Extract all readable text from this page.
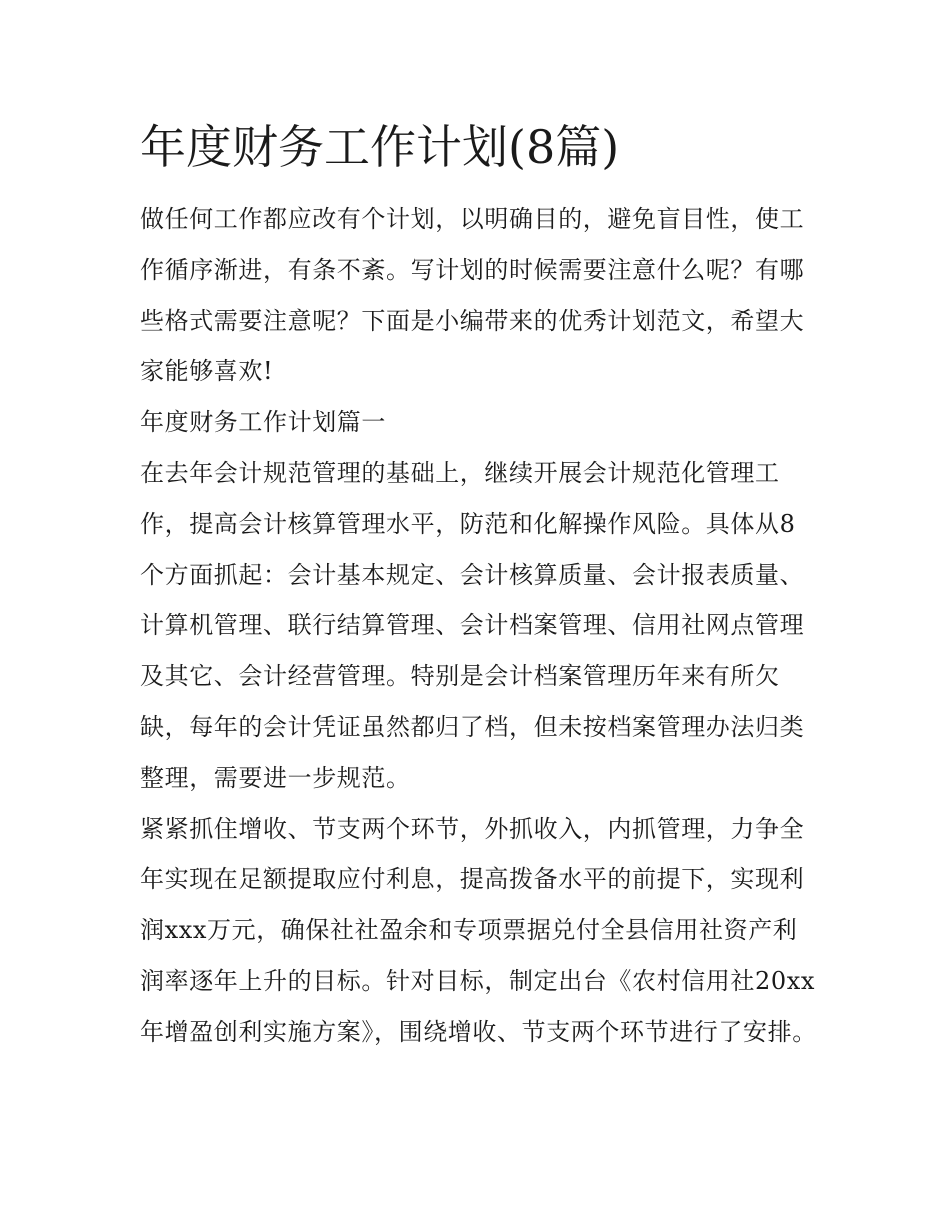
年度财务工作计划(8篇)

做任何工作都应改有个计划，以明确目的，避免盲目性，使工作循序渐进，有条不紊。写计划的时候需要注意什么呢？有哪些格式需要注意呢？下面是小编带来的优秀计划范文，希望大家能够喜欢!

年度财务工作计划篇一

在去年会计规范管理的基础上，继续开展会计规范化管理工作，提高会计核算管理水平，防范和化解操作风险。具体从8个方面抓起：会计基本规定、会计核算质量、会计报表质量、计算机管理、联行结算管理、会计档案管理、信用社网点管理及其它、会计经营管理。特别是会计档案管理历年来有所欠缺，每年的会计凭证虽然都归了档，但未按档案管理办法归类整理，需要进一步规范。

紧紧抓住增收、节支两个环节，外抓收入，内抓管理，力争全年实现在足额提取应付利息，提高拨备水平的前提下，实现利润xxx万元，确保社社盈余和专项票据兑付全县信用社资产利润率逐年上升的目标。针对目标，制定出台《农村信用社20xx年增盈创利实施方案》，围绕增收、节支两个环节进行了安排。
